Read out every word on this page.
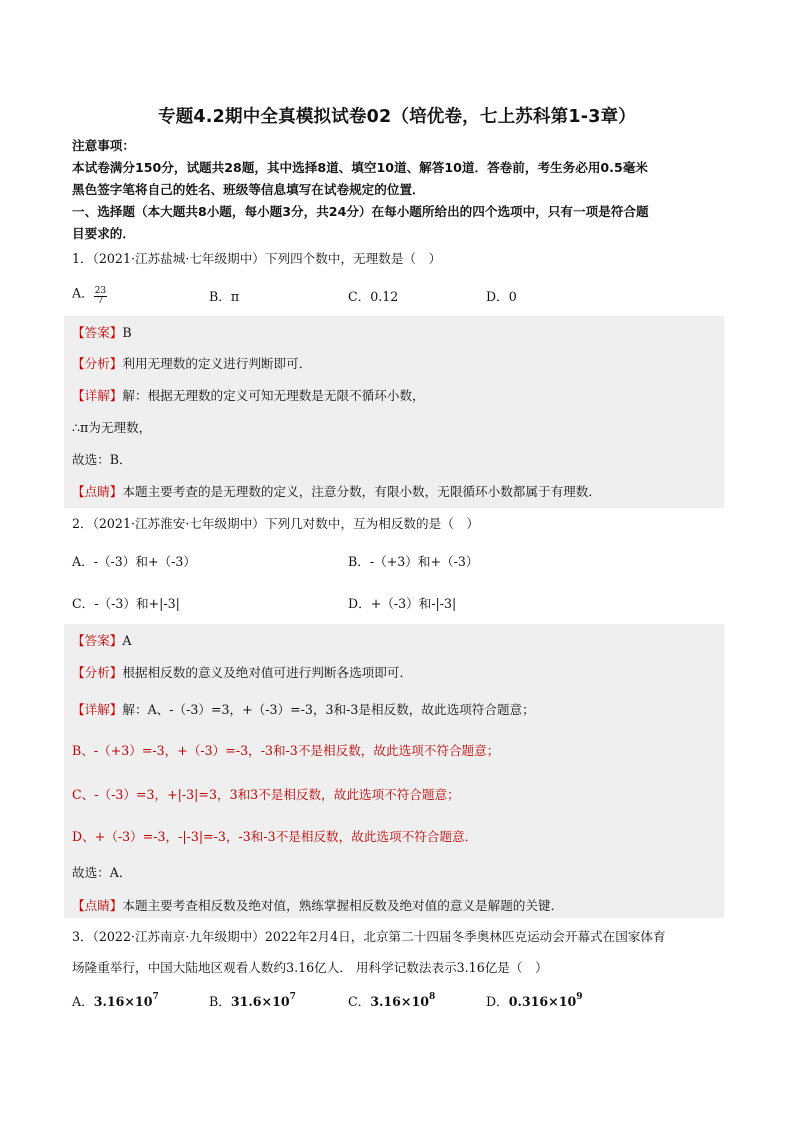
专题4.2期中全真模拟试卷02（培优卷，七上苏科第1-3章）
注意事项：
本试卷满分150分，试题共28题，其中选择8道、填空10道、解答10道．答卷前，考生务必用0.5毫米
黑色签字笔将自己的姓名、班级等信息填写在试卷规定的位置．
一、选择题（本大题共8小题，每小题3分，共24分）在每小题所给出的四个选项中，只有一项是符合题
目要求的．
1．（2021·江苏盐城·七年级期中）下列四个数中，无理数是（　）
A． $\frac{23}{7}$	B．π	C．0.12	D．0
【答案】B
【分析】利用无理数的定义进行判断即可．
【详解】解：根据无理数的定义可知无理数是无限不循环小数，
∴π为无理数，
故选：B．
【点睛】本题主要考查的是无理数的定义，注意分数，有限小数，无限循环小数都属于有理数．
2．（2021·江苏淮安·七年级期中）下列几对数中，互为相反数的是（　）
A．-（-3）和+（-3）	B．-（+3）和+（-3）
C．-（-3）和+|-3|	D．+（-3）和-|-3|
【答案】A
【分析】根据相反数的意义及绝对值可进行判断各选项即可．
【详解】解：A、-（-3）=3，+（-3）=-3，3和-3是相反数，故此选项符合题意；
B、-（+3）=-3，+（-3）=-3，-3和-3不是相反数，故此选项不符合题意；
C、-（-3）=3，+|-3|=3，3和3不是相反数，故此选项不符合题意；
D、+（-3）=-3，-|-3|=-3，-3和-3不是相反数，故此选项不符合题意．
故选：A．
【点睛】本题主要考查相反数及绝对值，熟练掌握相反数及绝对值的意义是解题的关键．
3．（2022·江苏南京·九年级期中）2022年2月4日，北京第二十四届冬季奥林匹克运动会开幕式在国家体育
场隆重举行，中国大陆地区观看人数约3.16亿人． 用科学记数法表示3.16亿是（　）
A．$3.16\times 10^7$	B．$31.6\times 10^7$	C．$3.16\times 10^8$	D．$0.316\times 10^9$
